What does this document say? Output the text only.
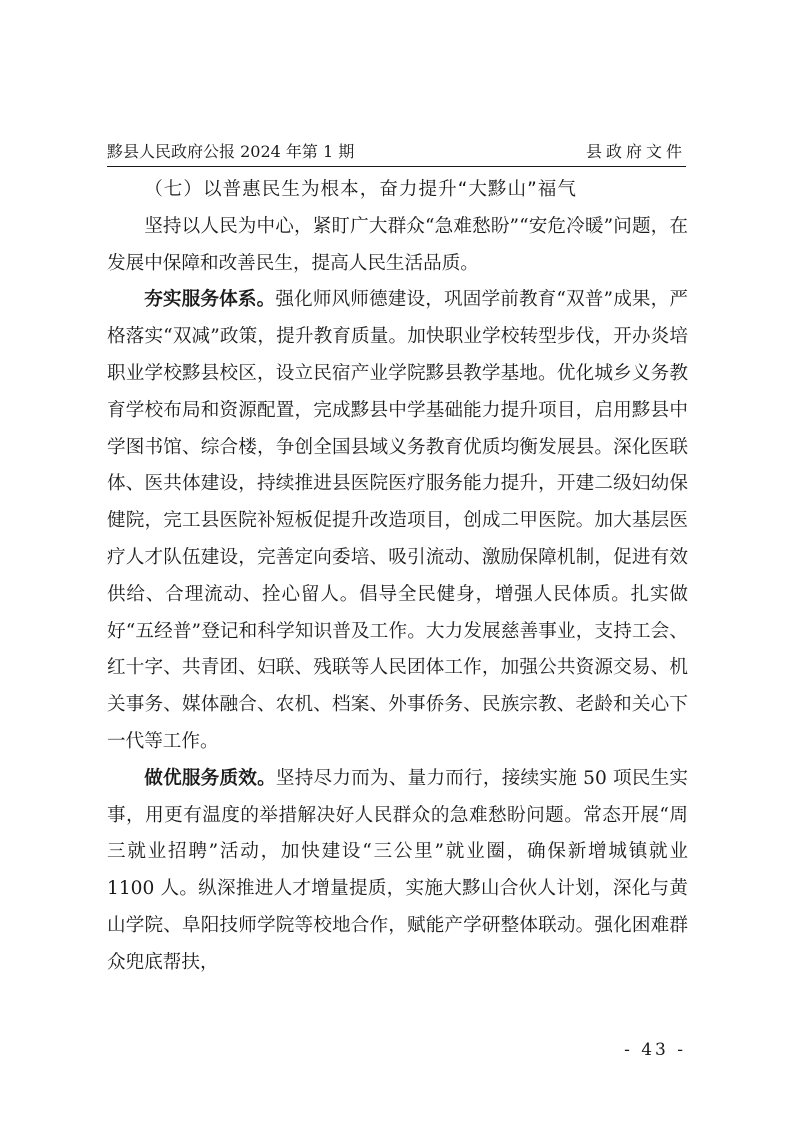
黟县人民政府公报 2024 年第 1 期	县政府文件

（七）以普惠民生为根本，奋力提升“大黟山”福气

坚持以人民为中心，紧盯广大群众“急难愁盼”“安危冷暖”问题，在发展中保障和改善民生，提高人民生活品质。

夯实服务体系。强化师风师德建设，巩固学前教育“双普”成果，严格落实“双减”政策，提升教育质量。加快职业学校转型步伐，开办炎培职业学校黟县校区，设立民宿产业学院黟县教学基地。优化城乡义务教育学校布局和资源配置，完成黟县中学基础能力提升项目，启用黟县中学图书馆、综合楼，争创全国县域义务教育优质均衡发展县。深化医联体、医共体建设，持续推进县医院医疗服务能力提升，开建二级妇幼保健院，完工县医院补短板促提升改造项目，创成二甲医院。加大基层医疗人才队伍建设，完善定向委培、吸引流动、激励保障机制，促进有效供给、合理流动、拴心留人。倡导全民健身，增强人民体质。扎实做好“五经普”登记和科学知识普及工作。大力发展慈善事业，支持工会、红十字、共青团、妇联、残联等人民团体工作，加强公共资源交易、机关事务、媒体融合、农机、档案、外事侨务、民族宗教、老龄和关心下一代等工作。

做优服务质效。坚持尽力而为、量力而行，接续实施 50 项民生实事，用更有温度的举措解决好人民群众的急难愁盼问题。常态开展“周三就业招聘”活动，加快建设“三公里”就业圈，确保新增城镇就业 1100 人。纵深推进人才增量提质，实施大黟山合伙人计划，深化与黄山学院、阜阳技师学院等校地合作，赋能产学研整体联动。强化困难群众兜底帮扶，

- 43 -
